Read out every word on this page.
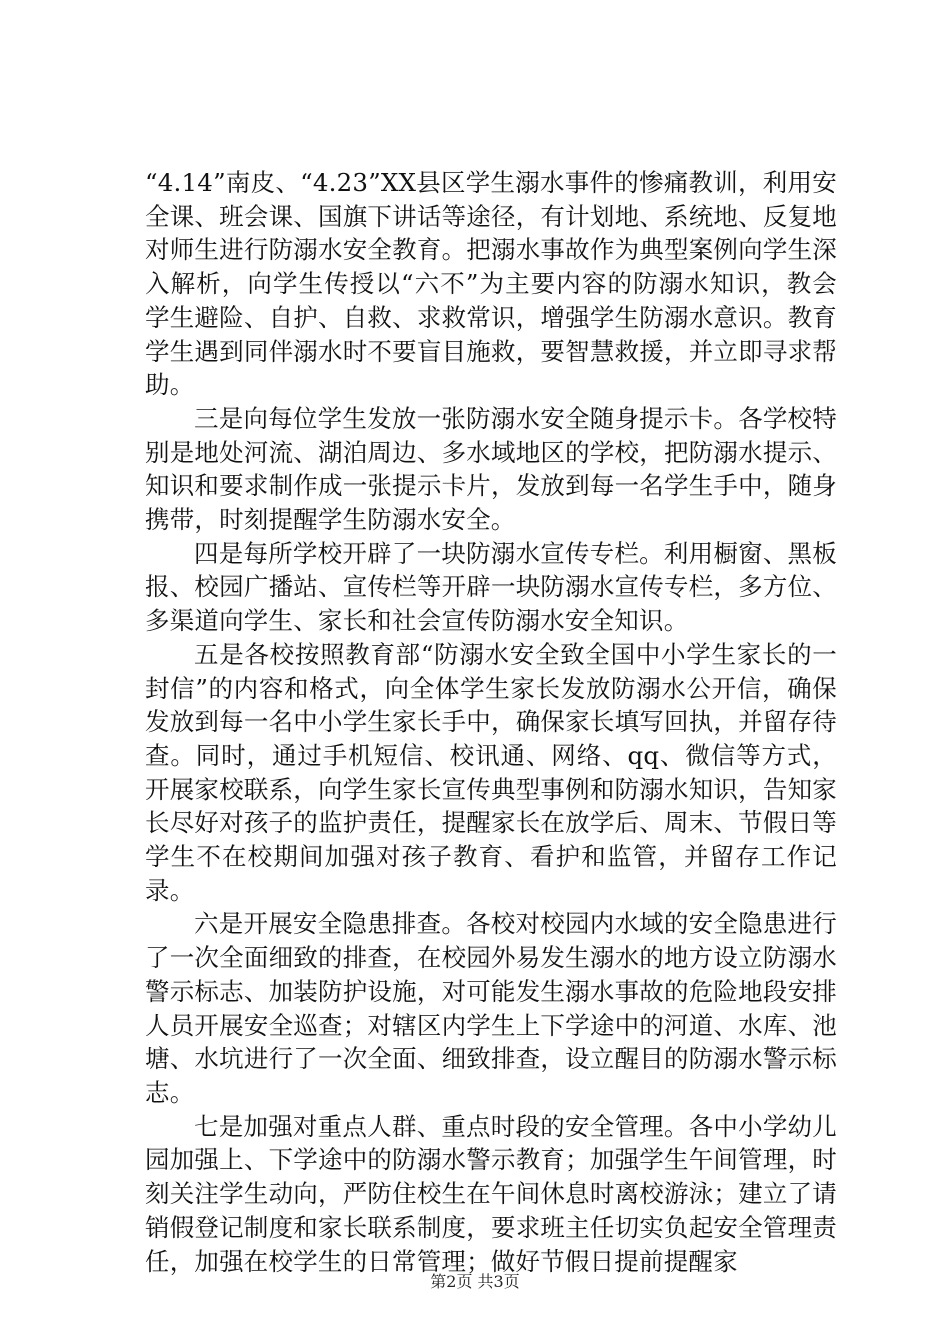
“4.14”南皮、“4.23”XX县区学生溺水事件的惨痛教训，利用安全课、班会课、国旗下讲话等途径，有计划地、系统地、反复地对师生进行防溺水安全教育。把溺水事故作为典型案例向学生深入解析，向学生传授以“六不”为主要内容的防溺水知识，教会学生避险、自护、自救、求救常识，增强学生防溺水意识。教育学生遇到同伴溺水时不要盲目施救，要智慧救援，并立即寻求帮助。

三是向每位学生发放一张防溺水安全随身提示卡。各学校特别是地处河流、湖泊周边、多水域地区的学校，把防溺水提示、知识和要求制作成一张提示卡片，发放到每一名学生手中，随身携带，时刻提醒学生防溺水安全。

四是每所学校开辟了一块防溺水宣传专栏。利用橱窗、黑板报、校园广播站、宣传栏等开辟一块防溺水宣传专栏，多方位、多渠道向学生、家长和社会宣传防溺水安全知识。

五是各校按照教育部“防溺水安全致全国中小学生家长的一封信”的内容和格式，向全体学生家长发放防溺水公开信，确保发放到每一名中小学生家长手中，确保家长填写回执，并留存待查。同时，通过手机短信、校讯通、网络、qq、微信等方式，开展家校联系，向学生家长宣传典型事例和防溺水知识，告知家长尽好对孩子的监护责任，提醒家长在放学后、周末、节假日等学生不在校期间加强对孩子教育、看护和监管，并留存工作记录。

六是开展安全隐患排查。各校对校园内水域的安全隐患进行了一次全面细致的排查，在校园外易发生溺水的地方设立防溺水警示标志、加装防护设施，对可能发生溺水事故的危险地段安排人员开展安全巡查；对辖区内学生上下学途中的河道、水库、池塘、水坑进行了一次全面、细致排查，设立醒目的防溺水警示标志。

七是加强对重点人群、重点时段的安全管理。各中小学幼儿园加强上、下学途中的防溺水警示教育；加强学生午间管理，时刻关注学生动向，严防住校生在午间休息时离校游泳；建立了请销假登记制度和家长联系制度，要求班主任切实负起安全管理责任，加强在校学生的日常管理；做好节假日提前提醒家

第2页 共3页
